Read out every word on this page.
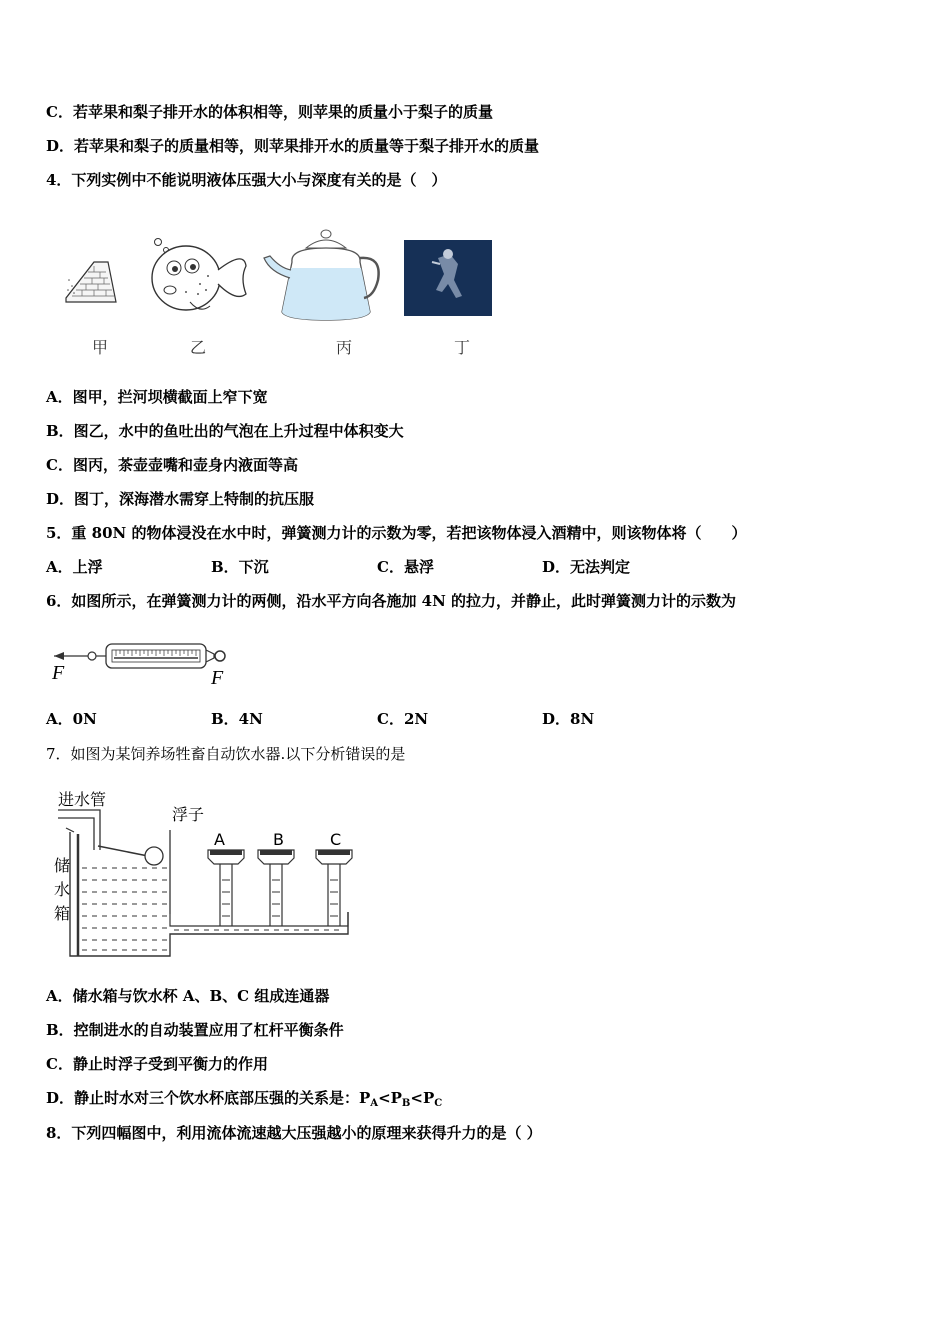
C．若苹果和梨子排开水的体积相等，则苹果的质量小于梨子的质量
D．若苹果和梨子的质量相等，则苹果排开水的质量等于梨子排开水的质量
4．下列实例中不能说明液体压强大小与深度有关的是（　）
甲	乙	丙	丁
A．图甲，拦河坝横截面上窄下宽
B．图乙，水中的鱼吐出的气泡在上升过程中体积变大
C．图丙，茶壶壶嘴和壶身内液面等高
D．图丁，深海潜水需穿上特制的抗压服
5．重 80N 的物体浸没在水中时，弹簧测力计的示数为零，若把该物体浸入酒精中，则该物体将（　　）
A．上浮	B．下沉	C．悬浮	D．无法判定
6．如图所示，在弹簧测力计的两侧，沿水平方向各施加 4N 的拉力，并静止，此时弹簧测力计的示数为
F	F
A．0N	B．4N	C．2N	D．8N
7．如图为某饲养场牲畜自动饮水器.以下分析错误的是
进水管
浮子
储
水
箱
A	B	C
A．储水箱与饮水杯 A、B、C 组成连通器
B．控制进水的自动装置应用了杠杆平衡条件
C．静止时浮子受到平衡力的作用
D．静止时水对三个饮水杯底部压强的关系是：$P_A<P_B<P_C$
8．下列四幅图中，利用流体流速越大压强越小的原理来获得升力的是（ ）
